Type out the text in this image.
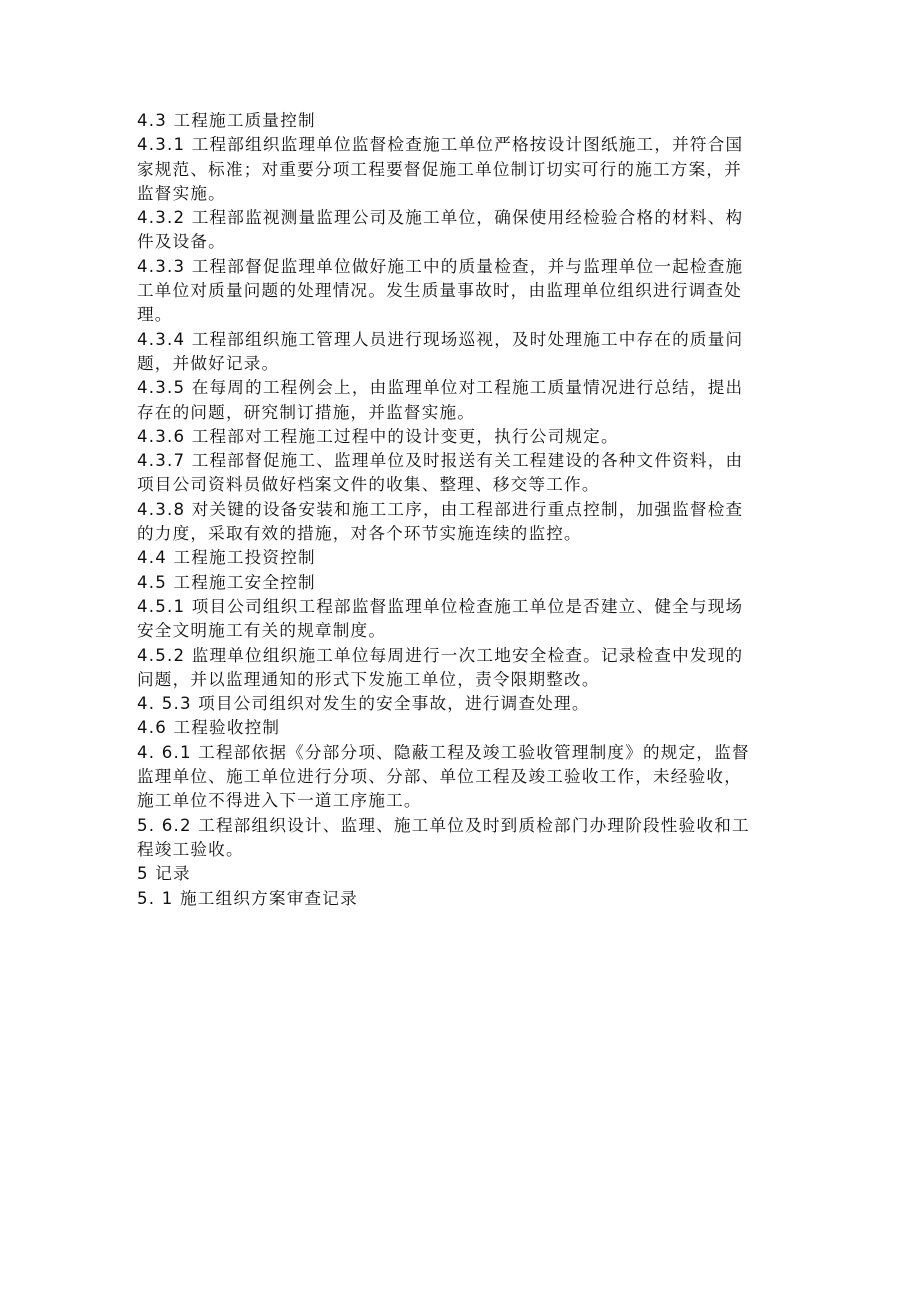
4.3 工程施工质量控制
4.3.1 工程部组织监理单位监督检查施工单位严格按设计图纸施工，并符合国
家规范、标准；对重要分项工程要督促施工单位制订切实可行的施工方案，并
监督实施。
4.3.2 工程部监视测量监理公司及施工单位，确保使用经检验合格的材料、构
件及设备。
4.3.3 工程部督促监理单位做好施工中的质量检查，并与监理单位一起检查施
工单位对质量问题的处理情况。发生质量事故时，由监理单位组织进行调查处
理。
4.3.4 工程部组织施工管理人员进行现场巡视，及时处理施工中存在的质量问
题，并做好记录。
4.3.5 在每周的工程例会上，由监理单位对工程施工质量情况进行总结，提出
存在的问题，研究制订措施，并监督实施。
4.3.6 工程部对工程施工过程中的设计变更，执行公司规定。
4.3.7 工程部督促施工、监理单位及时报送有关工程建设的各种文件资料，由
项目公司资料员做好档案文件的收集、整理、移交等工作。
4.3.8 对关键的设备安装和施工工序，由工程部进行重点控制，加强监督检查
的力度，采取有效的措施，对各个环节实施连续的监控。
4.4 工程施工投资控制
4.5 工程施工安全控制
4.5.1 项目公司组织工程部监督监理单位检查施工单位是否建立、健全与现场
安全文明施工有关的规章制度。
4.5.2 监理单位组织施工单位每周进行一次工地安全检查。记录检查中发现的
问题，并以监理通知的形式下发施工单位，责令限期整改。
4. 5.3 项目公司组织对发生的安全事故，进行调查处理。
4.6 工程验收控制
4. 6.1 工程部依据《分部分项、隐蔽工程及竣工验收管理制度》的规定，监督
监理单位、施工单位进行分项、分部、单位工程及竣工验收工作，未经验收，
施工单位不得进入下一道工序施工。
5. 6.2 工程部组织设计、监理、施工单位及时到质检部门办理阶段性验收和工
程竣工验收。
5 记录
5. 1 施工组织方案审查记录
